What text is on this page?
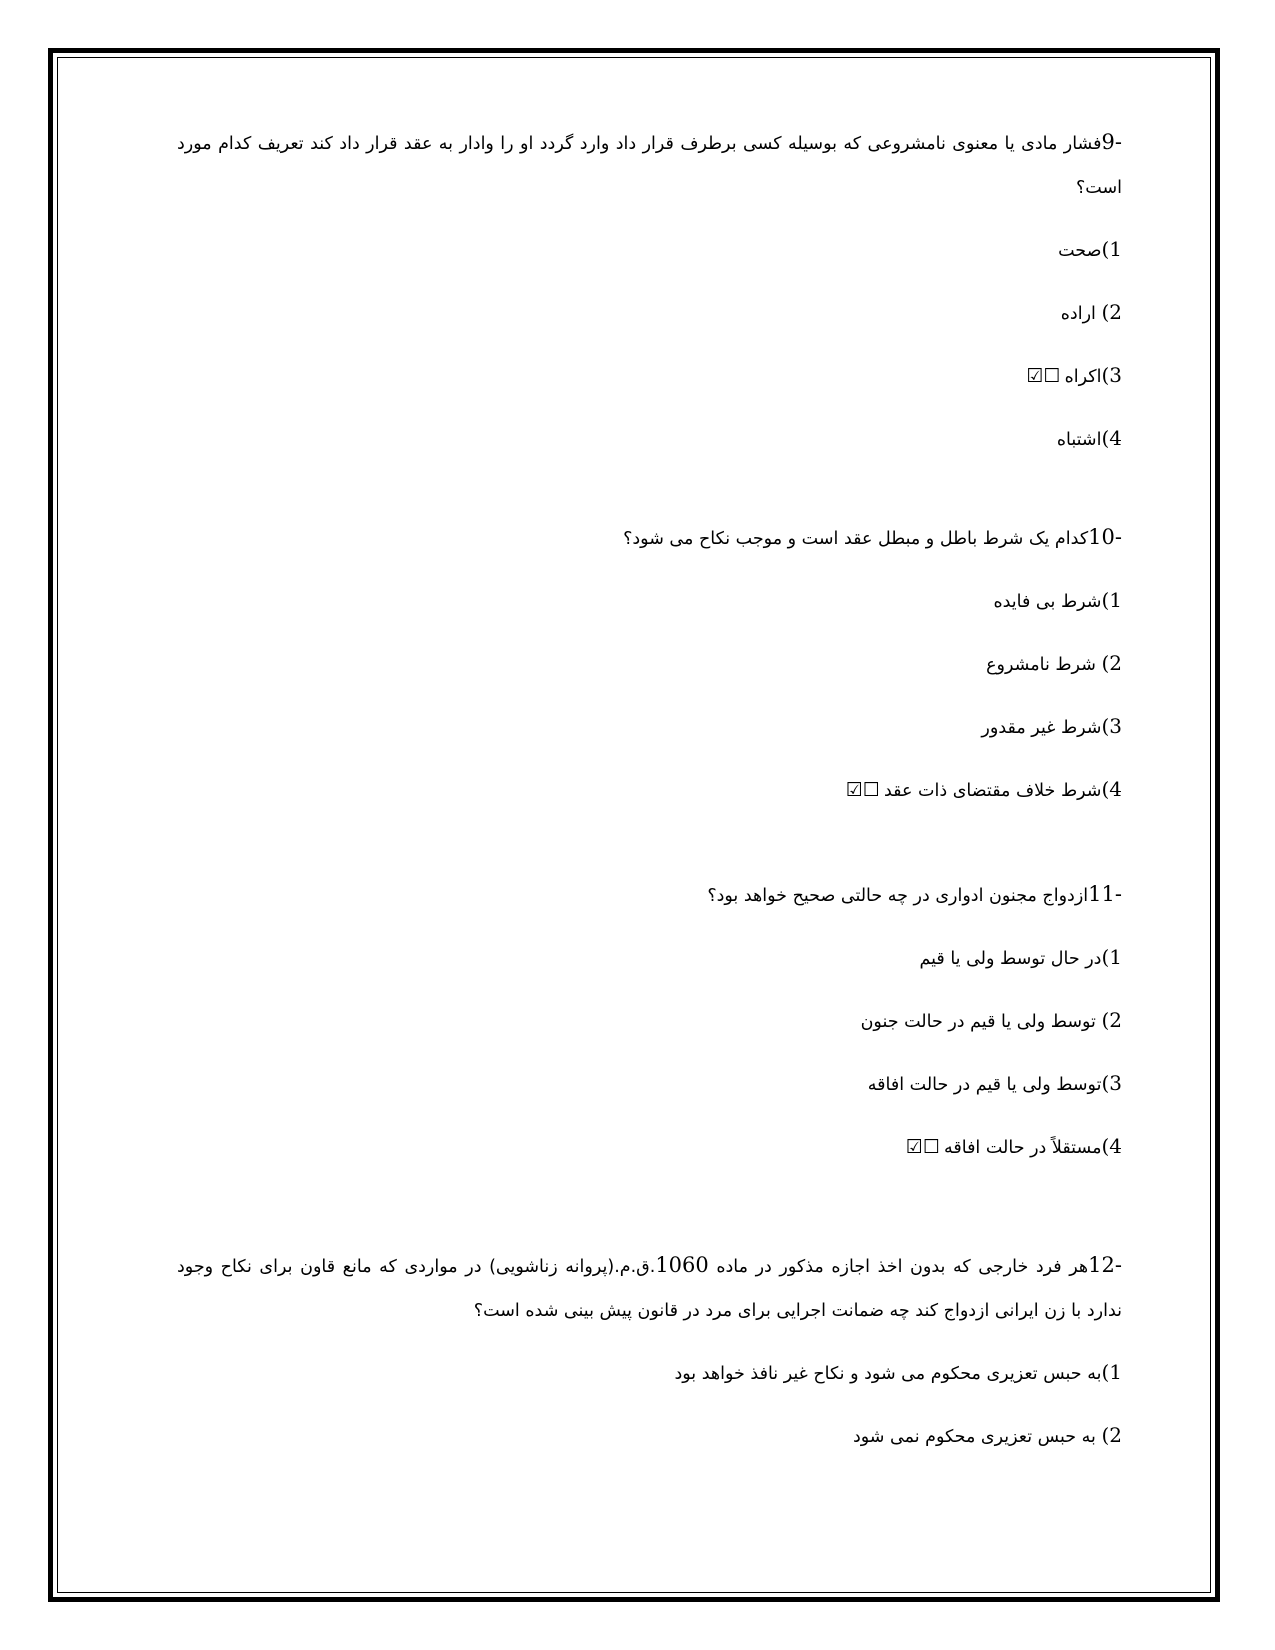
-9فشار مادی یا معنوی نامشروعی که بوسیله کسی برطرف قرار داد وارد گردد او را وادار به عقد قرار داد کند تعریف کدام مورد است؟

1)صحت
2) اراده
3)اکراه☐☑
4)اشتباه

-10کدام یک شرط باطل و مبطل عقد است و موجب نکاح می شود؟

1)شرط بی فایده
2) شرط نامشروع
3)شرط غیر مقدور
4)شرط خلاف مقتضای ذات عقد☐☑

-11ازدواج مجنون ادواری در چه حالتی صحیح خواهد بود؟

1)در حال توسط ولی یا قیم
2) توسط ولی یا قیم در حالت جنون
3)توسط ولی یا قیم در حالت افاقه
4)مستقلاً در حالت افاقه☐☑

-12هر فرد خارجی که بدون اخذ اجازه مذکور در ماده 1060.ق.م.(پروانه زناشویی) در مواردی که مانع قاون برای نکاح وجود ندارد با زن ایرانی ازدواج کند چه ضمانت اجرایی برای مرد در قانون پیش بینی شده است؟

1)به حبس تعزیری محکوم می شود و نکاح غیر نافذ خواهد بود
2) به حبس تعزیری محکوم نمی شود
